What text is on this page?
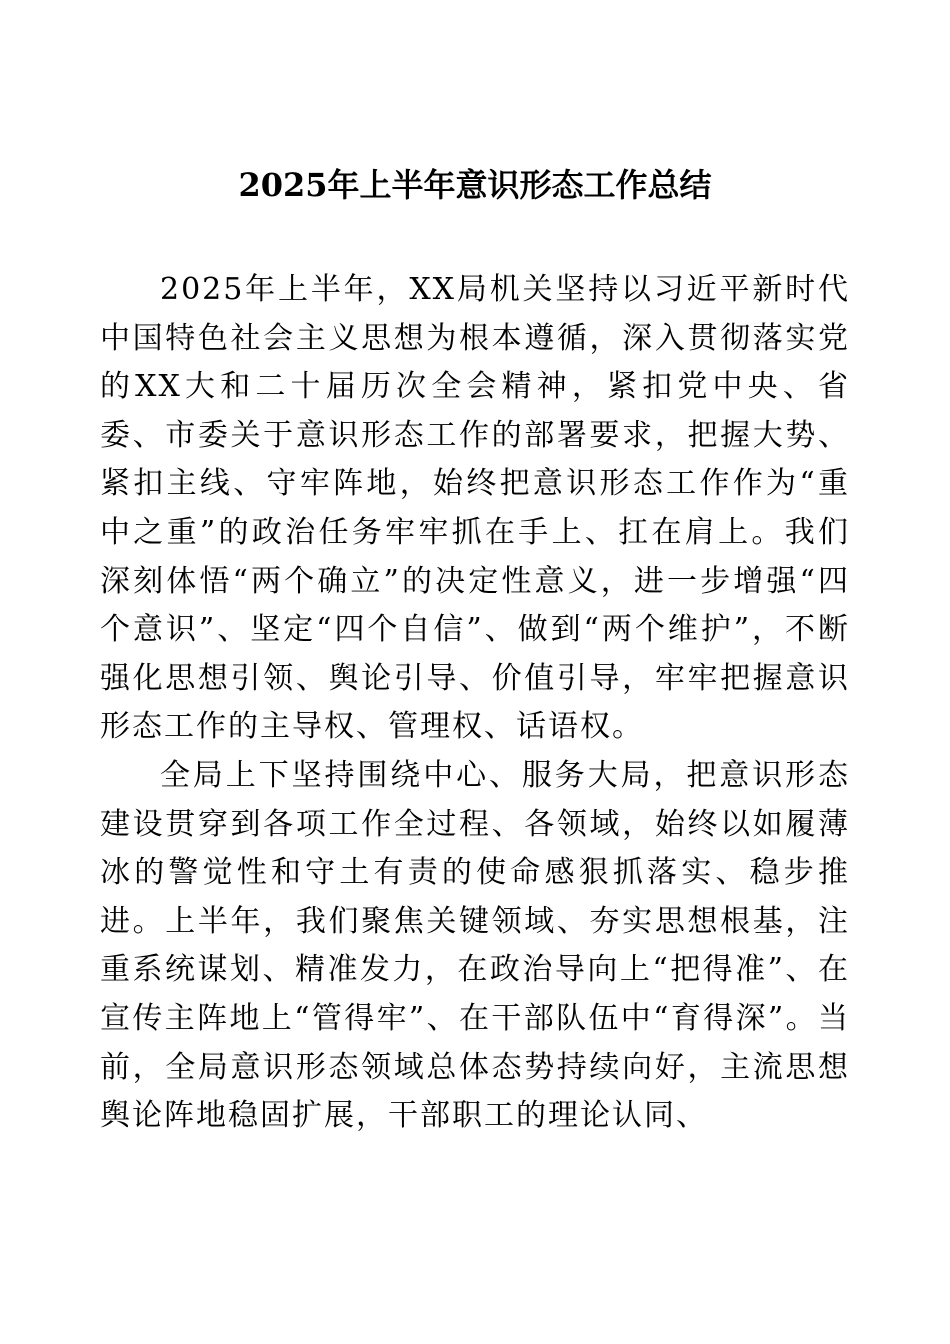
2025年上半年意识形态工作总结

2025年上半年，XX局机关坚持以习近平新时代中国特色社会主义思想为根本遵循，深入贯彻落实党的XX大和二十届历次全会精神，紧扣党中央、省委、市委关于意识形态工作的部署要求，把握大势、紧扣主线、守牢阵地，始终把意识形态工作作为“重中之重”的政治任务牢牢抓在手上、扛在肩上。我们深刻体悟“两个确立”的决定性意义，进一步增强“四个意识”、坚定“四个自信”、做到“两个维护”，不断强化思想引领、舆论引导、价值引导，牢牢把握意识形态工作的主导权、管理权、话语权。

全局上下坚持围绕中心、服务大局，把意识形态建设贯穿到各项工作全过程、各领域，始终以如履薄冰的警觉性和守土有责的使命感狠抓落实、稳步推进。上半年，我们聚焦关键领域、夯实思想根基，注重系统谋划、精准发力，在政治导向上“把得准”、在宣传主阵地上“管得牢”、在干部队伍中“育得深”。当前，全局意识形态领域总体态势持续向好，主流思想舆论阵地稳固扩展，干部职工的理论认同、
